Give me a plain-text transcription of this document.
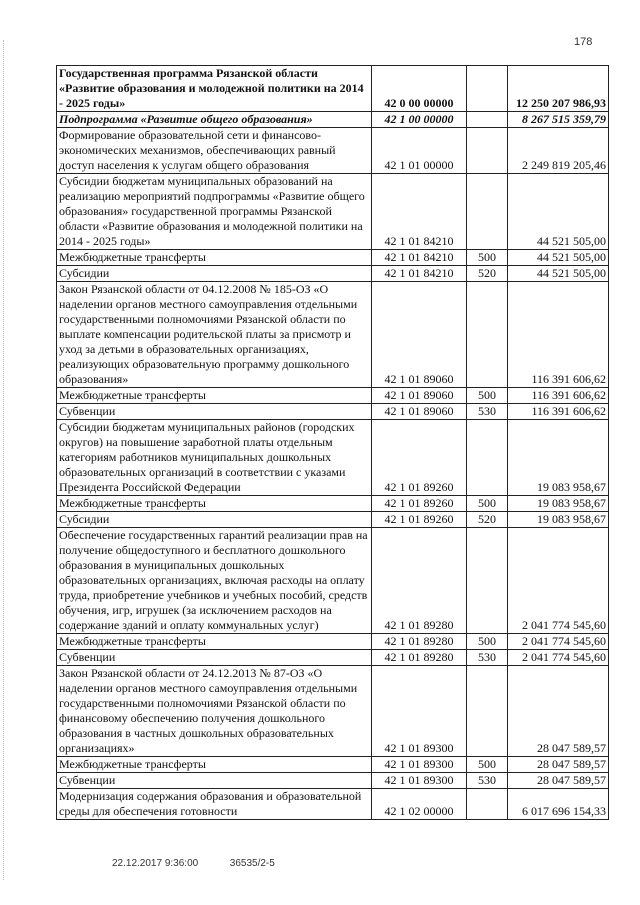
178
Государственная программа Рязанской области «Развитие образования и молодежной политики на 2014 - 2025 годы»	42 0 00 00000		12 250 207 986,93
Подпрограмма «Развитие общего образования»	42 1 00 00000		8 267 515 359,79
Формирование образовательной сети и финансово-экономических механизмов, обеспечивающих равный доступ населения к услугам общего образования	42 1 01 00000		2 249 819 205,46
Субсидии бюджетам муниципальных образований на реализацию мероприятий подпрограммы «Развитие общего образования» государственной программы Рязанской области «Развитие образования и молодежной политики на 2014 - 2025 годы»	42 1 01 84210		44 521 505,00
Межбюджетные трансферты	42 1 01 84210	500	44 521 505,00
Субсидии	42 1 01 84210	520	44 521 505,00
Закон Рязанской области от 04.12.2008 № 185-ОЗ «О наделении органов местного самоуправления отдельными государственными полномочиями Рязанской области по выплате компенсации родительской платы за присмотр и уход за детьми в образовательных организациях, реализующих образовательную программу дошкольного образования»	42 1 01 89060		116 391 606,62
Межбюджетные трансферты	42 1 01 89060	500	116 391 606,62
Субвенции	42 1 01 89060	530	116 391 606,62
Субсидии бюджетам муниципальных районов (городских округов) на повышение заработной платы отдельным категориям работников муниципальных дошкольных образовательных организаций в соответствии с указами Президента Российской Федерации	42 1 01 89260		19 083 958,67
Межбюджетные трансферты	42 1 01 89260	500	19 083 958,67
Субсидии	42 1 01 89260	520	19 083 958,67
Обеспечение государственных гарантий реализации прав на получение общедоступного и бесплатного дошкольного образования в муниципальных дошкольных образовательных организациях, включая расходы на оплату труда, приобретение учебников и учебных пособий, средств обучения, игр, игрушек (за исключением расходов на содержание зданий и оплату коммунальных услуг)	42 1 01 89280		2 041 774 545,60
Межбюджетные трансферты	42 1 01 89280	500	2 041 774 545,60
Субвенции	42 1 01 89280	530	2 041 774 545,60
Закон Рязанской области от 24.12.2013 № 87-ОЗ «О наделении органов местного самоуправления отдельными государственными полномочиями Рязанской области по финансовому обеспечению получения дошкольного образования в частных дошкольных образовательных организациях»	42 1 01 89300		28 047 589,57
Межбюджетные трансферты	42 1 01 89300	500	28 047 589,57
Субвенции	42 1 01 89300	530	28 047 589,57
Модернизация содержания образования и образовательной среды для обеспечения готовности	42 1 02 00000		6 017 696 154,33
22.12.2017 9:36:00	36535/2-5
